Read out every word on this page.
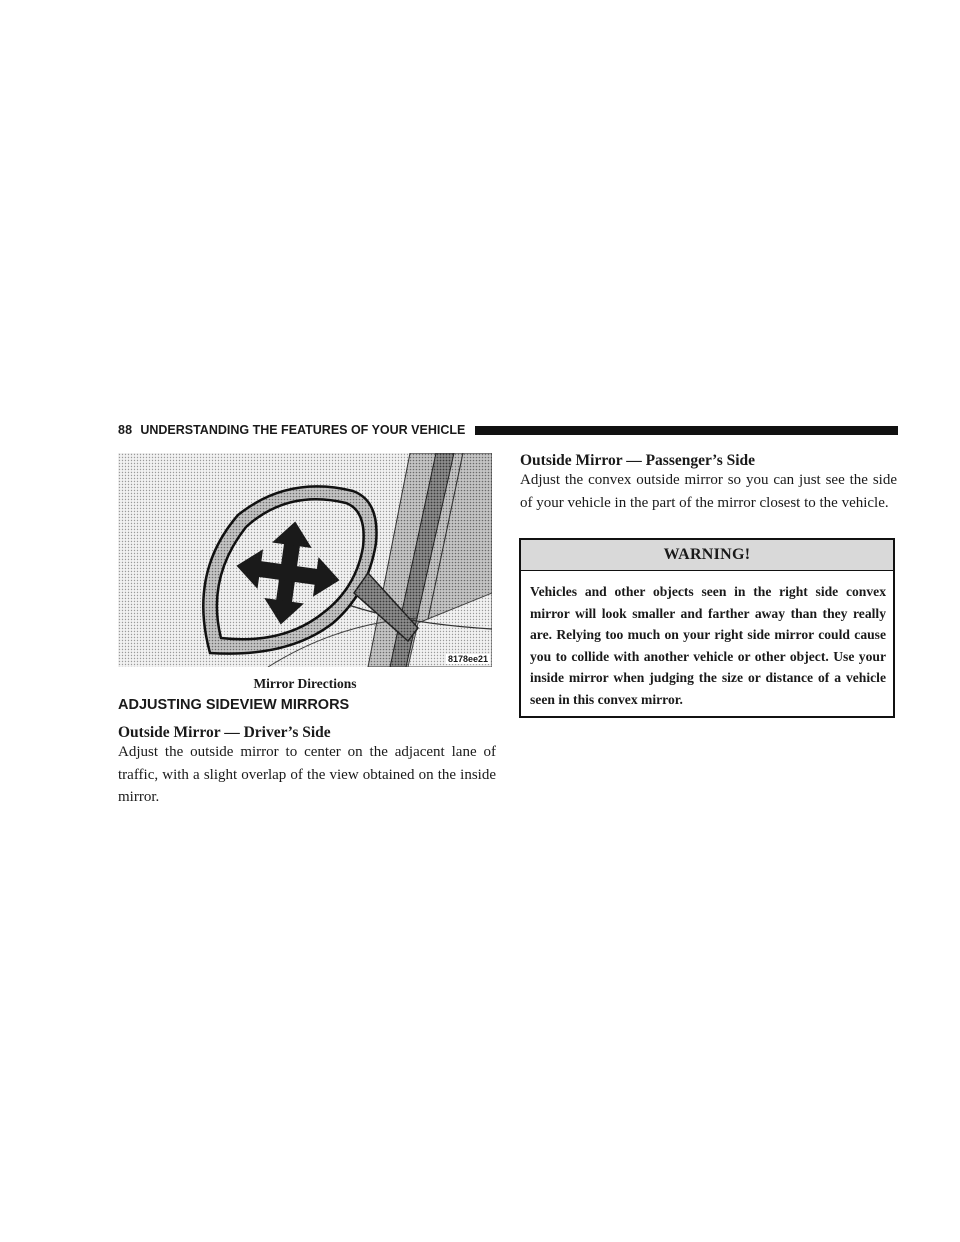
88 UNDERSTANDING THE FEATURES OF YOUR VEHICLE
8178ee21
Mirror Directions
ADJUSTING SIDEVIEW MIRRORS
Outside Mirror — Driver’s Side
Adjust the outside mirror to center on the adjacent lane of traffic, with a slight overlap of the view obtained on the inside mirror.
Outside Mirror — Passenger’s Side
Adjust the convex outside mirror so you can just see the side of your vehicle in the part of the mirror closest to the vehicle.
WARNING!
Vehicles and other objects seen in the right side convex mirror will look smaller and farther away than they really are. Relying too much on your right side mirror could cause you to collide with another vehicle or other object. Use your inside mirror when judging the size or distance of a vehicle seen in this convex mirror.
